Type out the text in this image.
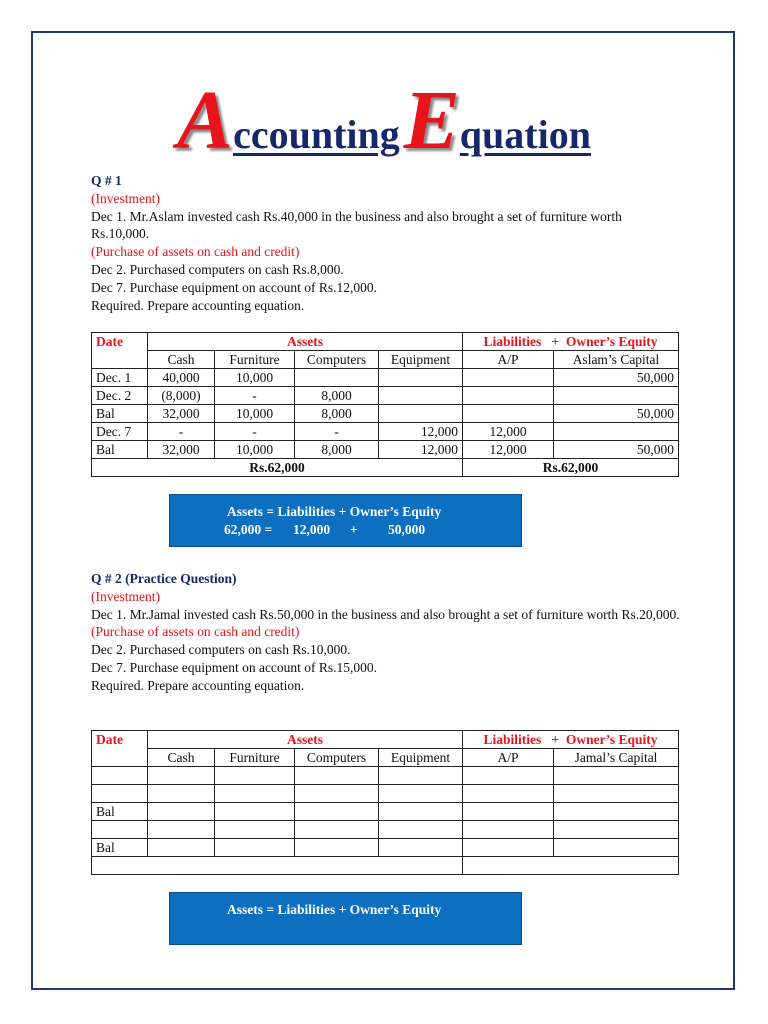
Accounting Equation

Q # 1

(Investment)

Dec 1. Mr.Aslam invested cash Rs.40,000 in the business and also brought a set of furniture worth Rs.10,000.

(Purchase of assets on cash and credit)

Dec 2. Purchased computers on cash Rs.8,000.

Dec 7. Purchase equipment on account of Rs.12,000.

Required. Prepare accounting equation.

Date	Assets				Liabilities   +  Owner’s Equity	
	Cash	Furniture	Computers	Equipment	A/P	Aslam’s Capital
Dec. 1	40,000	10,000				50,000
Dec. 2	(8,000)	-	8,000			
Bal	32,000	10,000	8,000			50,000
Dec. 7	-	-	-	12,000	12,000	
Bal	32,000	10,000	8,000	12,000	12,000	50,000
Rs.62,000					Rs.62,000	
Assets = Liabilities + Owner’s Equity
62,000 = 12,000 + 50,000

Q # 2 (Practice Question)

(Investment)

Dec 1. Mr.Jamal invested cash Rs.50,000 in the business and also brought a set of furniture worth Rs.20,000.

(Purchase of assets on cash and credit)

Dec 2. Purchased computers on cash Rs.10,000.

Dec 7. Purchase equipment on account of Rs.15,000.

Required. Prepare accounting equation.

Date	Assets				Liabilities   +  Owner’s Equity	
	Cash	Furniture	Computers	Equipment	A/P	Jamal’s Capital

Bal						

Bal						

Assets = Liabilities + Owner’s Equity
